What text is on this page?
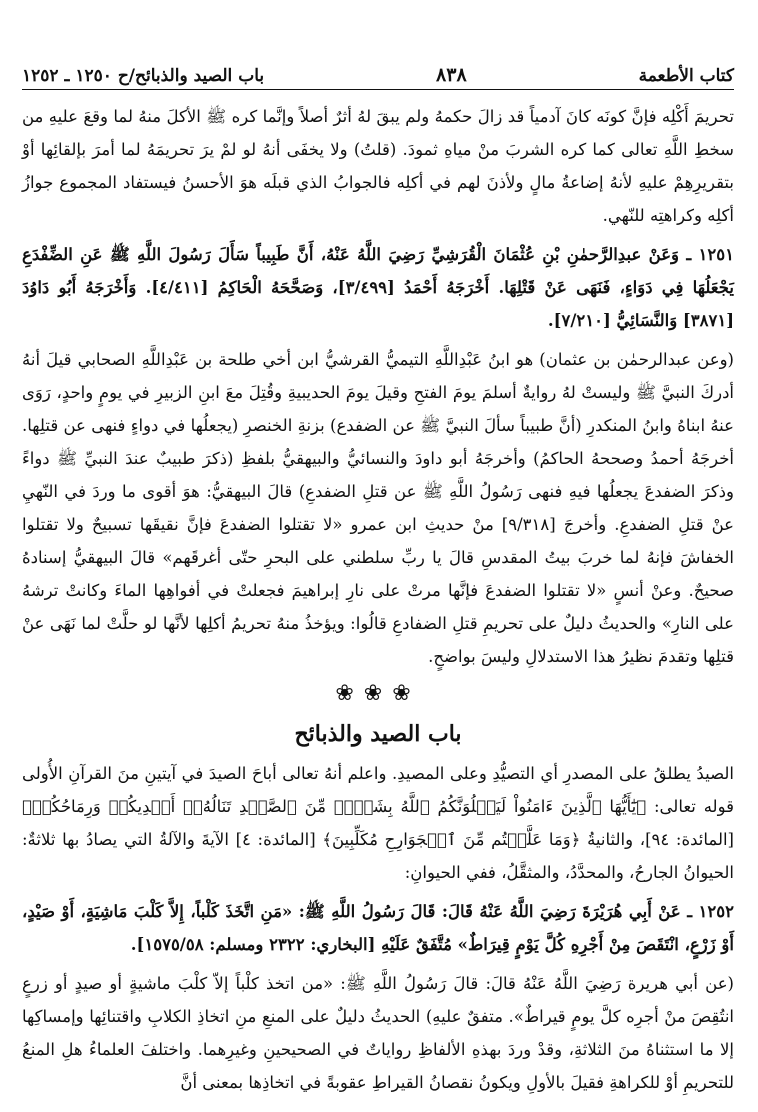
كتاب الأطعمة
٨٣٨
باب الصيد والذبائح/ح ١٢٥٠ ـ ١٢٥٢

تحريمَ أَكْلِه فإنَّ كونَه كانَ آدمياً قد زالَ حكمهُ ولم يبقَ لهُ أثرٌ أصلاً وإنَّما كره ﷺ الأكلَ منهُ لما وقعَ عليهِ من سخطِ اللَّهِ تعالى كما كره الشربَ منْ مياهِ ثمودَ. (قلتُ) ولا يخفَى أنهُ لو لمْ يرَ تحريمَهُ لما أمرَ بإلقائِها أوْ بتقريرِهِمْ عليهِ لأنهُ إضاعةُ مالٍ ولأذنَ لهم في أكلِه فالجوابُ الذي قبلَه هوَ الأحسنُ فيستفاد المجموع جوازُ أكلِه وكراهتِه للنّهي.

١٢٥١ ـ وَعَنْ عبدِالرَّحمٰنِ بْنِ عُثْمَانَ الْقُرَشِيِّ رَضِيَ اللَّهُ عَنْهُ، أَنَّ طَبِيباً سَأَلَ رَسُولَ اللَّهِ ﷺ عَنِ الضِّفْدَعِ يَجْعَلُهَا فِي دَوَاءٍ، فَنَهَى عَنْ قَتْلِهَا. أَخْرَجَهُ أَحْمَدُ [٣/٤٩٩]، وَصَحَّحَهُ الْحَاكِمُ [٤/٤١١]. وَأَخْرَجَهُ أَبُو دَاوُدَ [٣٨٧١] وَالنَّسَائِيُّ [٧/٢١٠].

(وعن عبدالرحمٰن بن عثمان) هو ابنُ عَبْدِاللَّهِ التيميُّ القرشيُّ ابن أخي طلحة بن عَبْدِاللَّهِ الصحابي قيلَ أنهُ أدركَ النبيَّ ﷺ وليستْ لهُ روايةٌ أسلمَ يومَ الفتحِ وقيلَ يومَ الحديبيةِ وقُتِلَ معَ ابنِ الزبيرِ في يومٍ واحدٍ، رَوَى عنهُ ابناهُ وابنُ المنكدرِ (أنَّ طبيباً سألَ النبيَّ ﷺ عن الضفدع) بزنةِ الخنصرِ (يجعلُها في دواءٍ فنهى عن قتلِها. أخرجَهُ أحمدُ وصححهُ الحاكمُ) وأخرجَهُ أبو داودَ والنسائيُّ والبيهقيُّ بلفظِ (ذكرَ طبيبٌ عندَ النبيِّ ﷺ دواءً وذكرَ الضفدعَ يجعلُها فيهِ فنهى رَسُولُ اللَّهِ ﷺ عن قتلِ الضفدعِ) قالَ البيهقيُّ: هوَ أقوى ما وردَ في النّهيِ عنْ قتلِ الضفدعِ. وأخرجَ [٩/٣١٨] منْ حديثِ ابن عمرو «لا تقتلوا الضفدعَ فإنَّ نقيقَها تسبيحٌ ولا تقتلوا الخفاشَ فإنهُ لما خربَ بيتُ المقدسِ قالَ يا ربِّ سلطني على البحرِ حتّى أغرقَهم» قالَ البيهقيُّ إسنادهُ صحيحٌ. وعنْ أنسٍ «لا تقتلوا الضفدعَ فإنَّها مرتْ على نارِ إبراهيمَ فجعلتْ في أفواهِها الماءَ وكانتْ ترشهُ على النارِ» والحديثُ دليلٌ على تحريمِ قتلِ الضفادعِ قالُوا: ويؤخذُ منهُ تحريمُ أكلِها لأنَّها لو حلَّتْ لما نَهَى عنْ قتلِها وتقدمَ نظيرُ هذا الاستدلالِ وليسَ بواضحٍ.

❀❀❀
باب الصيد والذبائح

الصيدُ يطلقُ على المصدرِ أي التصيُّدِ وعلى المصيدِ. واعلم أنهُ تعالى أباحَ الصيدَ في آيتينِ منَ القرآنِ الأُولى قوله تعالى: ﴿يَٰٓأَيُّهَا ٱلَّذِينَ ءَامَنُواْ لَيَبۡلُوَنَّكُمُ ٱللَّهُ بِشَيۡءٖ مِّنَ ٱلصَّيۡدِ تَنَالُهُۥٓ أَيۡدِيكُمۡ وَرِمَاحُكُمۡ﴾ [المائدة: ٩٤]، والثانيةُ ﴿وَمَا عَلَّمۡتُم مِّنَ ٱلۡجَوَارِحِ مُكَلِّبِينَ﴾ [المائدة: ٤] الآيةَ والآلةُ التي يصادُ بها ثلاثةٌ: الحيوانُ الجارحُ، والمحدَّدُ، والمثقَّلُ، ففي الحيوانِ:

١٢٥٢ ـ عَنْ أَبِي هُرَيْرَةَ رَضِيَ اللَّهُ عَنْهُ قَالَ: قَالَ رَسُولُ اللَّهِ ﷺ: «مَنِ اتَّخَذَ كَلْباً، إِلاَّ كَلْبَ مَاشِيَةٍ، أَوْ صَيْدٍ، أَوْ زَرْعٍ، انْتَقَصَ مِنْ أَجْرِهِ كُلَّ يَوْمٍ قِيرَاطٌ» مُتَّفَقٌ عَلَيْهِ [البخاري: ٢٣٢٢ ومسلم: ١٥٧٥/٥٨].

(عن أبي هريرة رَضِيَ اللَّهُ عَنْهُ قالَ: قالَ رَسُولُ اللَّهِ ﷺ: «من اتخذ كلْباً إلاّ كلْبَ ماشيةٍ أو صيدٍ أو زرعٍ انتُقِصَ منْ أجرِه كلَّ يومٍ قيراطٌ». متفقٌ عليهِ) الحديثُ دليلٌ على المنعِ منِ اتخاذِ الكلابِ واقتنائِها وإمساكِها إلا ما استثناهُ منَ الثلاثةِ، وقدْ وردَ بهذهِ الألفاظِ رواياتٌ في الصحيحينِ وغيرِهما. واختلفَ العلماءُ هلِ المنعُ للتحريمِ أوْ للكراهةِ فقيلَ بالأولِ ويكونُ نقصانُ القيراطِ عقوبةً في اتخاذِها بمعنى أنَّ
